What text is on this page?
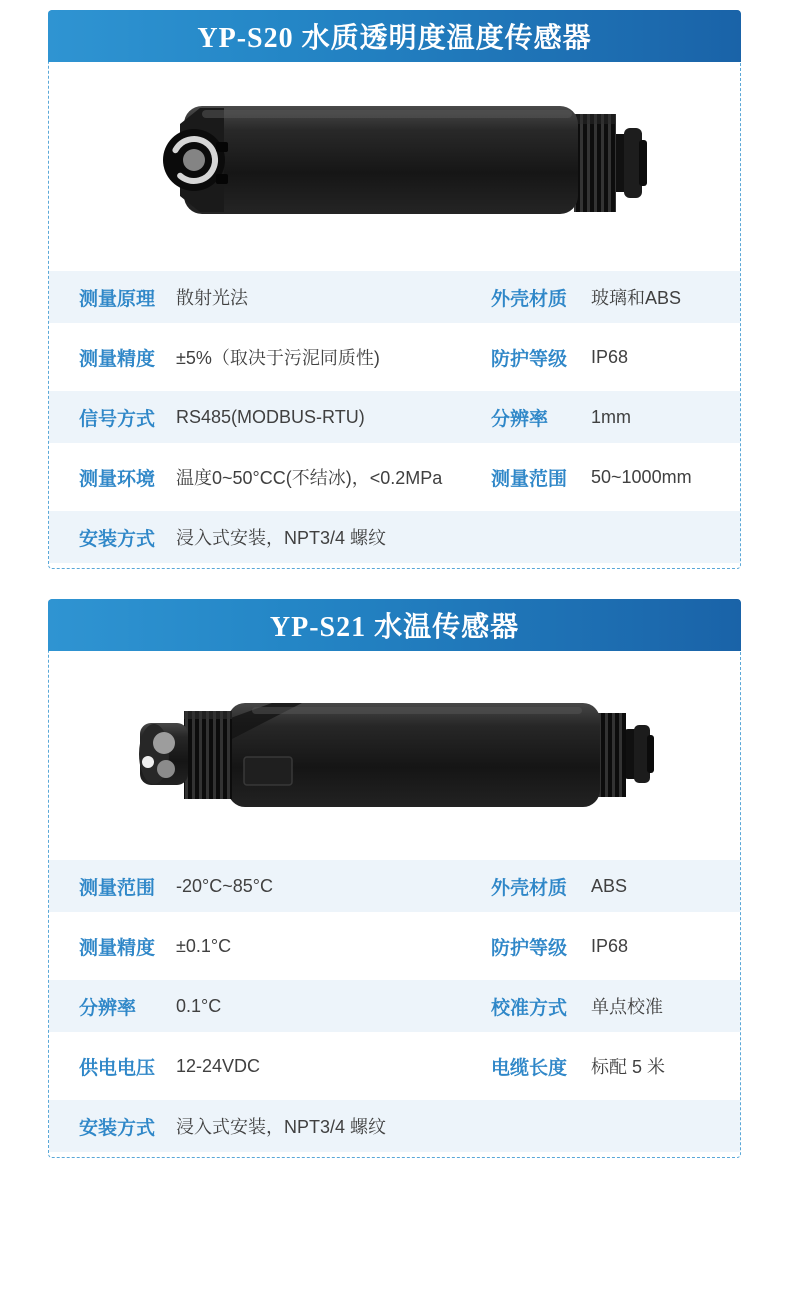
YP-S20 水质透明度温度传感器
测量原理	散射光法	外壳材质	玻璃和ABS
测量精度	±5%（取决于污泥同质性)	防护等级	IP68
信号方式	RS485(MODBUS-RTU)	分辨率	1mm
测量环境	温度0~50°CC(不结冰)，<0.2MPa	测量范围	50~1000mm
安装方式	浸入式安装，NPT3/4 螺纹
YP-S21 水温传感器
测量范围	-20°C~85°C	外壳材质	ABS
测量精度	±0.1°C	防护等级	IP68
分辨率	0.1°C	校准方式	单点校准
供电电压	12-24VDC	电缆长度	标配 5 米
安装方式	浸入式安装，NPT3/4 螺纹
